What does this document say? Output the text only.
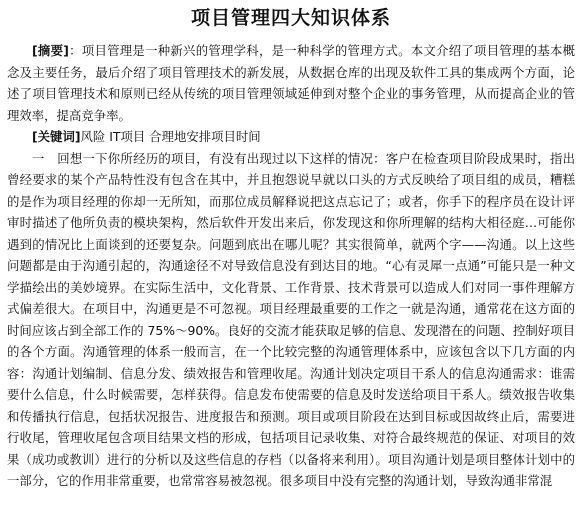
项目管理四大知识体系

[摘要]：项目管理是一种新兴的管理学科，是一种科学的管理方式。本文介绍了项目管理的基本概念及主要任务，最后介绍了项目管理技术的新发展，从数据仓库的出现及软件工具的集成两个方面，论述了项目管理技术和原则已经从传统的项目管理领域延伸到对整个企业的事务管理，从而提高企业的管理效率，提高竞争率。

[关键词]风险 IT项目 合理地安排项目时间

一　回想一下你所经历的项目，有没有出现过以下这样的情况：客户在检查项目阶段成果时，指出曾经要求的某个产品特性没有包含在其中，并且抱怨说早就以口头的方式反映给了项目组的成员，糟糕的是作为项目经理的你却一无所知，而那位成员解释说把这点忘记了；或者，你手下的程序员在设计评审时描述了他所负责的模块架构，然后软件开发出来后，你发现这和你所理解的结构大相径庭…可能你遇到的情况比上面谈到的还要复杂。问题到底出在哪儿呢？其实很简单，就两个字——沟通。以上这些问题都是由于沟通引起的，沟通途径不对导致信息没有到达目的地。“心有灵犀一点通”可能只是一种文学描绘出的美妙境界。在实际生活中，文化背景、工作背景、技术背景可以造成人们对同一事件理解方式偏差很大。在项目中，沟通更是不可忽视。项目经理最重要的工作之一就是沟通，通常花在这方面的时间应该占到全部工作的 75%～90%。良好的交流才能获取足够的信息、发现潜在的问题、控制好项目的各个方面。沟通管理的体系一般而言，在一个比较完整的沟通管理体系中，应该包含以下几方面的内容：沟通计划编制、信息分发、绩效报告和管理收尾。沟通计划决定项目干系人的信息沟通需求：谁需要什么信息，什么时候需要，怎样获得。信息发布使需要的信息及时发送给项目干系人。绩效报告收集和传播执行信息，包括状况报告、进度报告和预测。项目或项目阶段在达到目标或因故终止后，需要进行收尾，管理收尾包含项目结果文档的形成，包括项目记录收集、对符合最终规范的保证、对项目的效果（成功或教训）进行的分析以及这些信息的存档（以备将来利用）。项目沟通计划是项目整体计划中的一部分，它的作用非常重要，也常常容易被忽视。很多项目中没有完整的沟通计划，导致沟通非常混
